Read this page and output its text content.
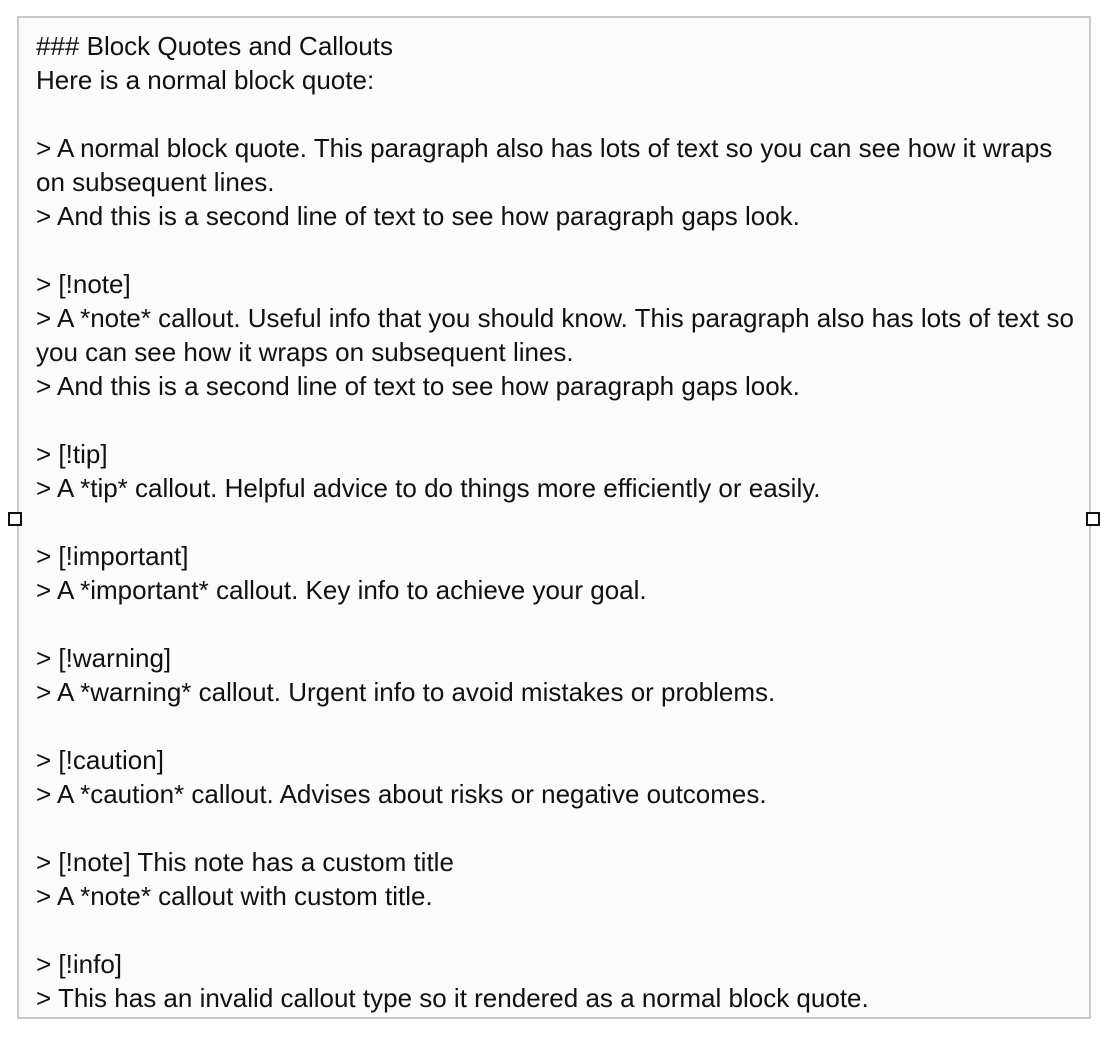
### Block Quotes and Callouts
Here is a normal block quote:
> A normal block quote. This paragraph also has lots of text so you can see how it wraps on subsequent lines.
> And this is a second line of text to see how paragraph gaps look.
> [!note]
> A *note* callout. Useful info that you should know. This paragraph also has lots of text so you can see how it wraps on subsequent lines.
> And this is a second line of text to see how paragraph gaps look.
> [!tip]
> A *tip* callout. Helpful advice to do things more efficiently or easily.
> [!important]
> A *important* callout. Key info to achieve your goal.
> [!warning]
> A *warning* callout. Urgent info to avoid mistakes or problems.
> [!caution]
> A *caution* callout. Advises about risks or negative outcomes.
> [!note] This note has a custom title
> A *note* callout with custom title.
> [!info]
> This has an invalid callout type so it rendered as a normal block quote.
